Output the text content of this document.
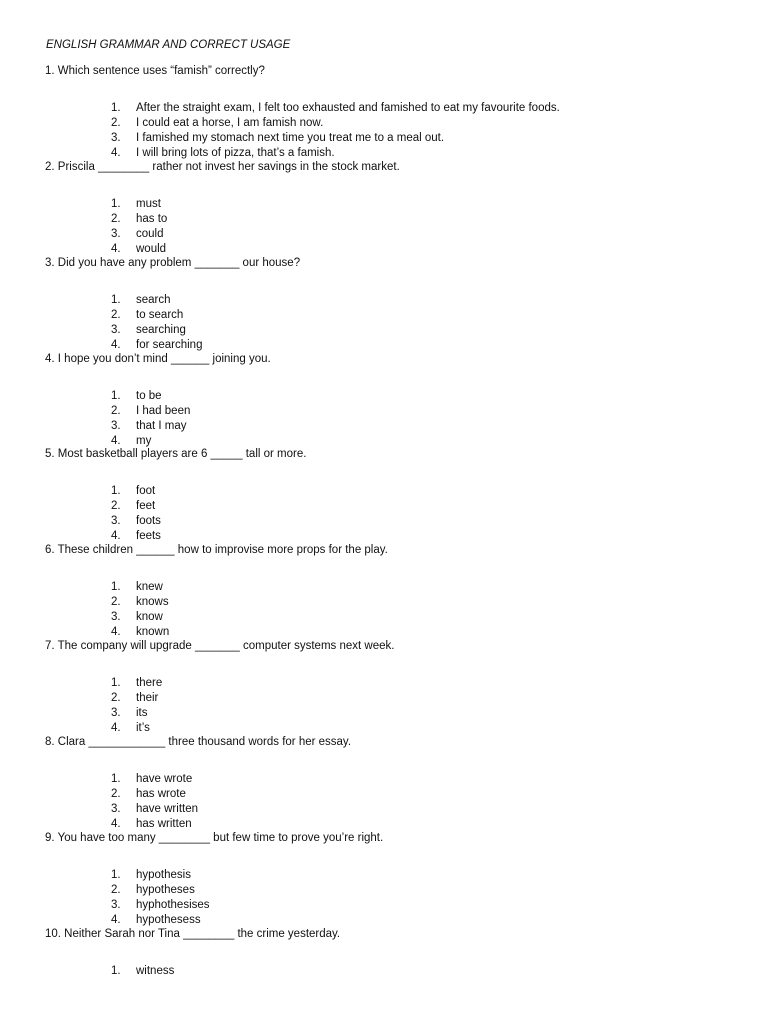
ENGLISH GRAMMAR AND CORRECT USAGE
1. Which sentence uses “famish” correctly?
1. After the straight exam, I felt too exhausted and famished to eat my favourite foods.
2. I could eat a horse, I am famish now.
3. I famished my stomach next time you treat me to a meal out.
4. I will bring lots of pizza, that’s a famish.
2. Priscila ________ rather not invest her savings in the stock market.
1. must
2. has to
3. could
4. would
3. Did you have any problem _______ our house?
1. search
2. to search
3. searching
4. for searching
4. I hope you don’t mind ______ joining you.
1. to be
2. I had been
3. that I may
4. my
5. Most basketball players are 6 _____ tall or more.
1. foot
2. feet
3. foots
4. feets
6. These children ______ how to improvise more props for the play.
1. knew
2. knows
3. know
4. known
7. The company will upgrade _______ computer systems next week.
1. there
2. their
3. its
4. it’s
8. Clara ____________ three thousand words for her essay.
1. have wrote
2. has wrote
3. have written
4. has written
9. You have too many ________ but few time to prove you’re right.
1. hypothesis
2. hypotheses
3. hyphothesises
4. hypothesess
10. Neither Sarah nor Tina ________ the crime yesterday.
1. witness
